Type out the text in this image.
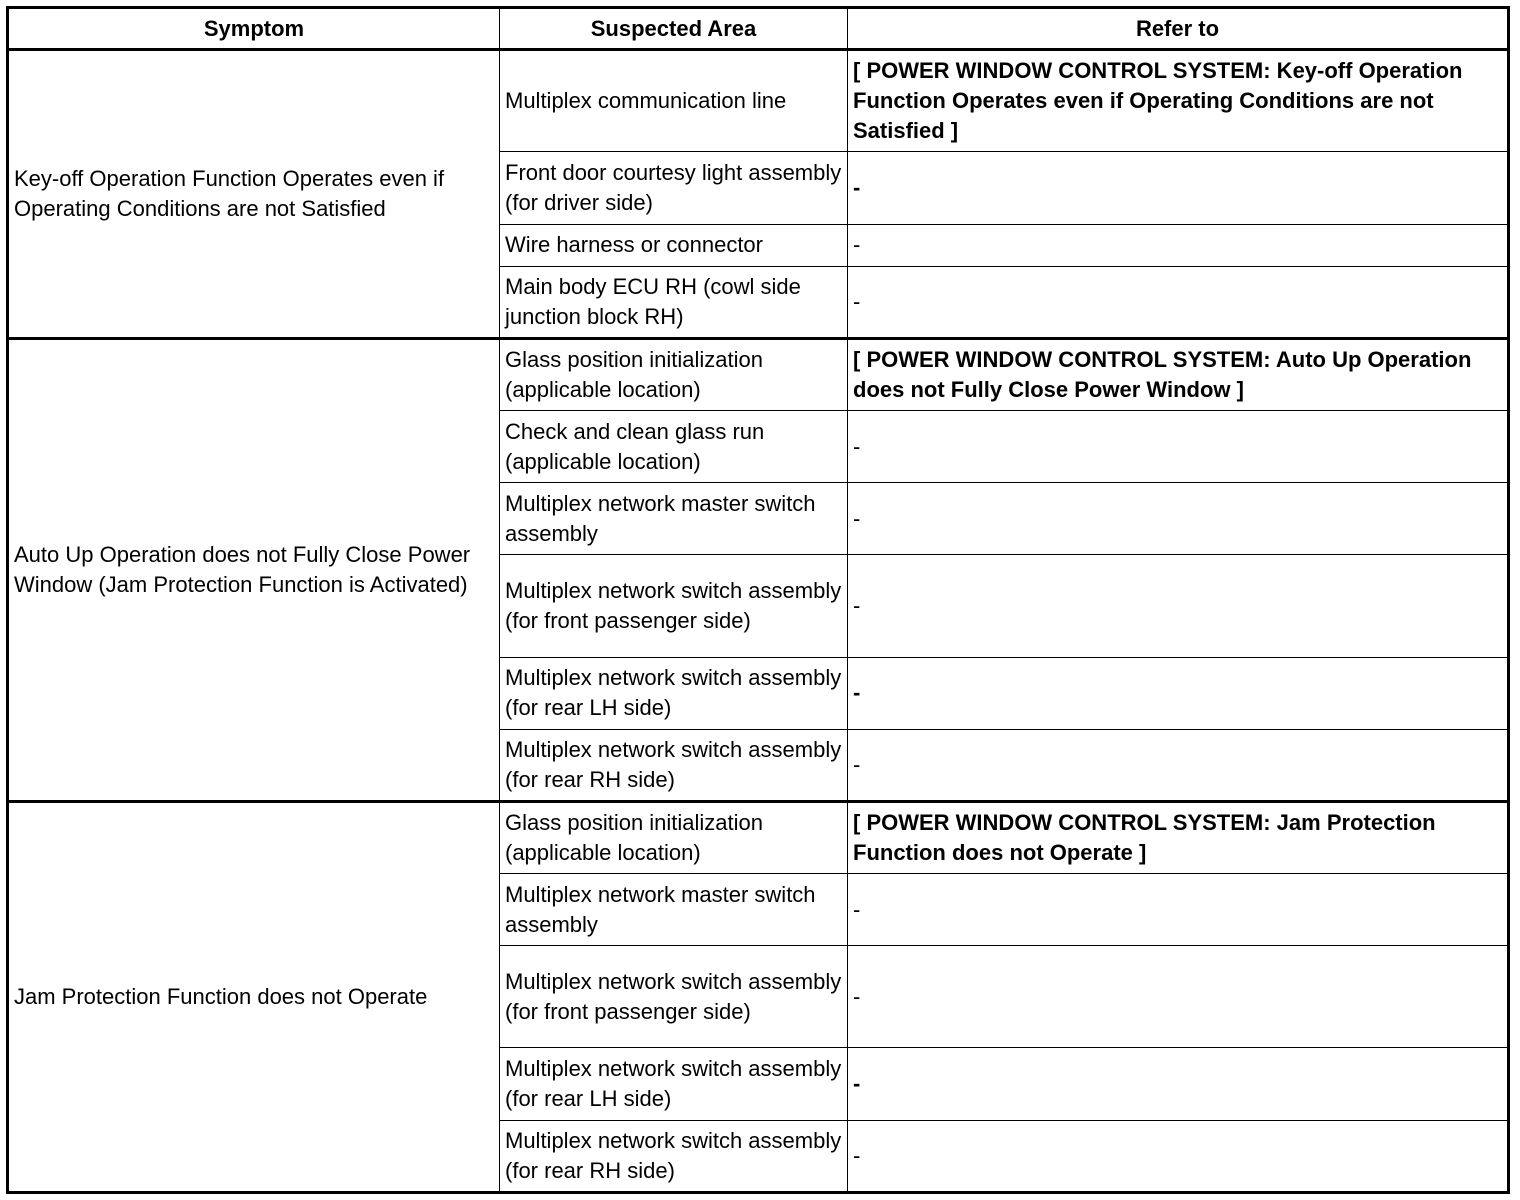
Symptom	Suspected Area	Refer to
Key-off Operation Function Operates even if Operating Conditions are not Satisfied	Multiplex communication line	[ POWER WINDOW CONTROL SYSTEM: Key-off Operation Function Operates even if Operating Conditions are not Satisfied ]
	Front door courtesy light assembly (for driver side)	-
	Wire harness or connector	-
	Main body ECU RH (cowl side junction block RH)	-
Auto Up Operation does not Fully Close Power Window (Jam Protection Function is Activated)	Glass position initialization (applicable location)	[ POWER WINDOW CONTROL SYSTEM: Auto Up Operation does not Fully Close Power Window ]
	Check and clean glass run (applicable location)	-
	Multiplex network master switch assembly	-
	Multiplex network switch assembly (for front passenger side)	-
	Multiplex network switch assembly (for rear LH side)	-
	Multiplex network switch assembly (for rear RH side)	-
Jam Protection Function does not Operate	Glass position initialization (applicable location)	[ POWER WINDOW CONTROL SYSTEM: Jam Protection Function does not Operate ]
	Multiplex network master switch assembly	-
	Multiplex network switch assembly (for front passenger side)	-
	Multiplex network switch assembly (for rear LH side)	-
	Multiplex network switch assembly (for rear RH side)	-
